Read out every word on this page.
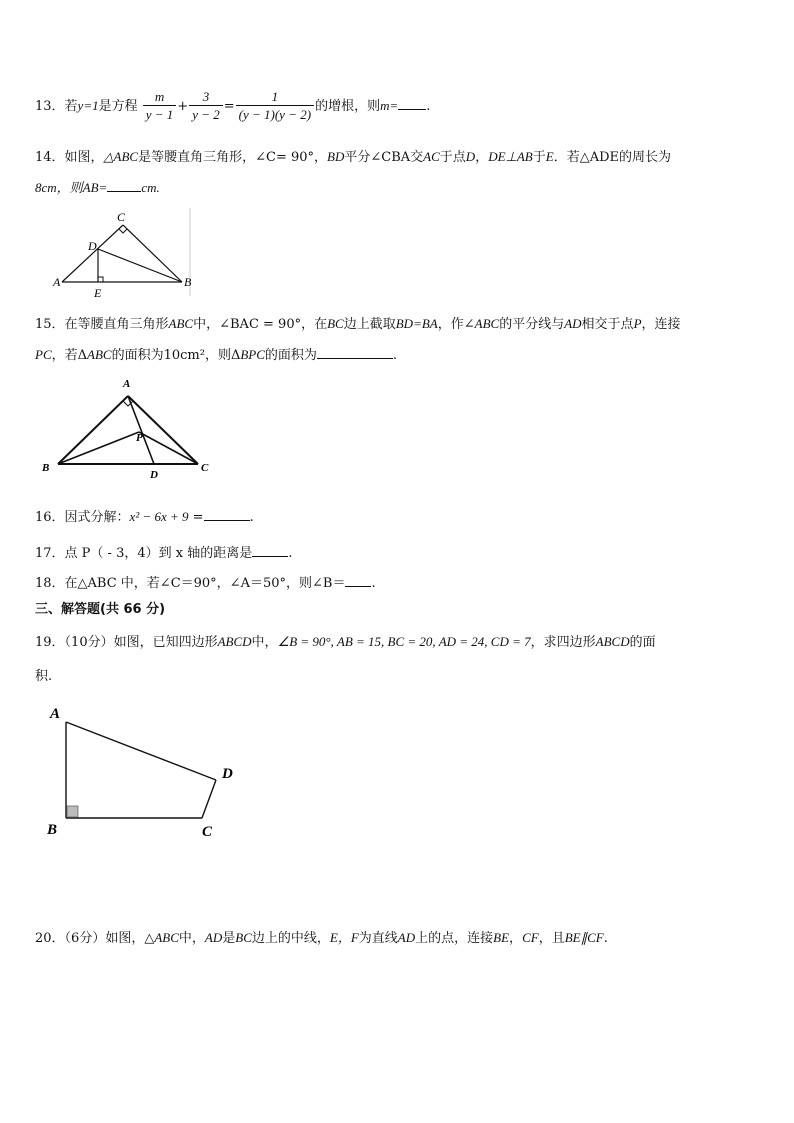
13．若y=1是方程 $\frac{m}{y - 1} + \frac{3}{y - 2} = \frac{1}{(y - 1)(y - 2)}$ 的增根，则m= .
14．如图，△ABC是等腰直角三角形，∠C= 90°，BD平分∠CBA交AC于点D，DE⊥AB于E．若△ADE的周长为
8cm，则AB=	cm.
A	B
C
D
E
15．在等腰直角三角形ABC中，∠BAC = 90°，在BC边上截取BD=BA，作∠ABC的平分线与AD相交于点P，连接
PC，若ΔABC的面积为10cm²，则ΔBPC的面积为	.
A
B	C
D
P
16．因式分解：x² − 6x + 9 =	.
17．点 P（ - 3，4）到 x 轴的距离是	.
18．在△ABC 中，若∠C＝90°，∠A＝50°，则∠B＝ .
三、解答题(共 66 分)
19．（10分）如图，已知四边形ABCD中，∠B = 90°, AB = 15, BC = 20, AD = 24, CD = 7，求四边形ABCD的面
积.
A
B	C
D
20．（6分）如图，△ABC中，AD是BC边上的中线，E，F为直线AD上的点，连接BE，CF，且BE∥CF.
